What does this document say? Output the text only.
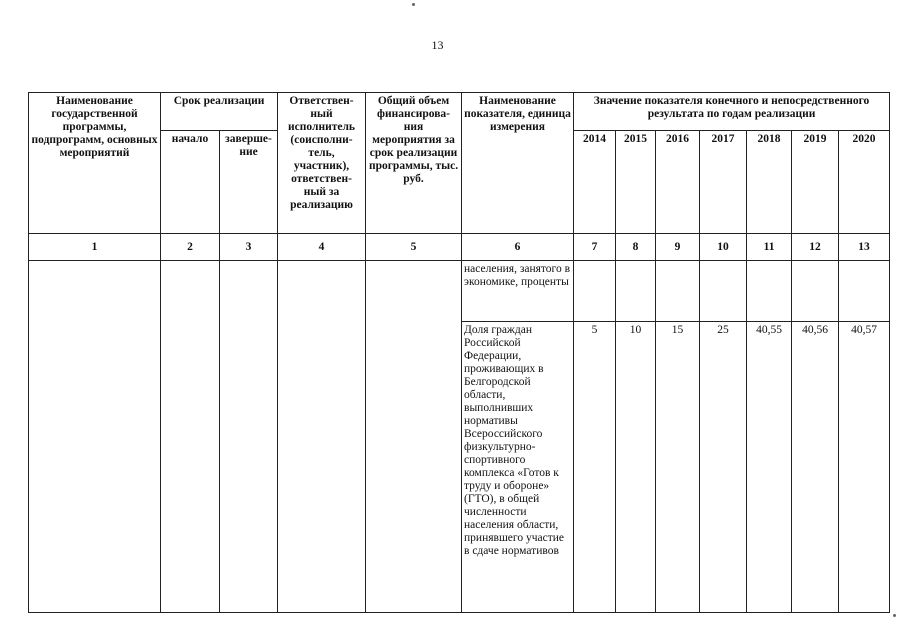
13
Наименование государственной программы, подпрограмм, основных мероприятий	Срок реализации		Ответствен-ный исполнитель (соисполни-тель, участник), ответствен-ный за реализацию	Общий объем финансирова-ния мероприятия за срок реализации программы, тыс. руб.	Наименование показателя, единица измерения	Значение показателя конечного и непосредственного результата по годам реализации						
	начало	заверше-ние				2014	2015	2016	2017	2018	2019	2020
1	2	3	4	5	6	7	8	9	10	11	12	13
					населения, занятого в экономике, проценты							
					Доля граждан Российской Федерации, проживающих в Белгородской области, выполнивших нормативы Всероссийского физкультурно-спортивного комплекса «Готов к труду и обороне» (ГТО), в общей численности населения области, принявшего участие в сдаче нормативов	5	10	15	25	40,55	40,56	40,57
